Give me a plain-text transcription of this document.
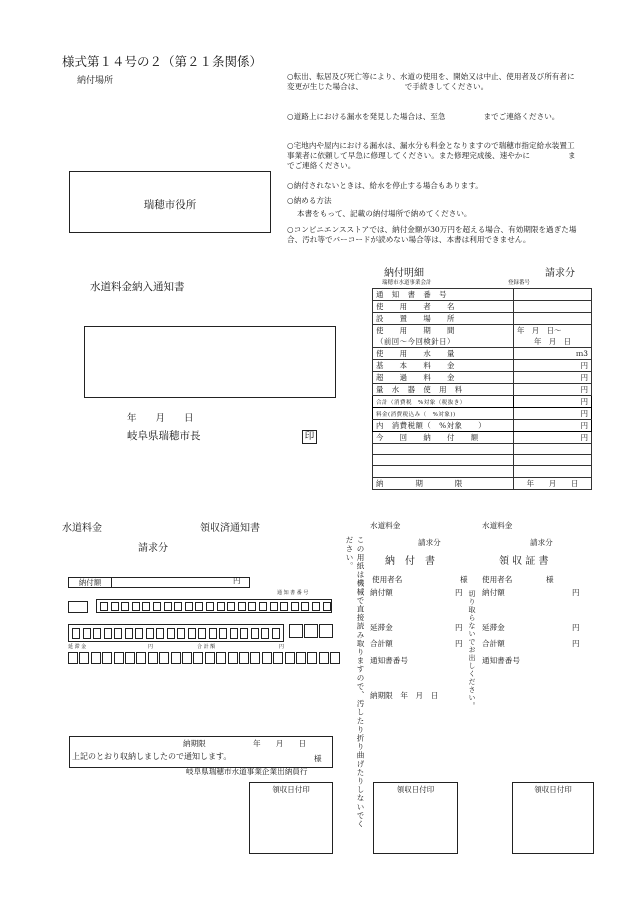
様式第１４号の２（第２１条関係）
納付場所	○転出、転居及び死亡等により、水道の使用を、開始又は中止、使用者及び所有者に変更が生じた場合は、　　　　　　で手続きしてください。
○道路上における漏水を発見した場合は、至急　　　　　までご連絡ください。
○宅地内や屋内における漏水は、漏水分も料金となりますので瑞穂市指定給水装置工事業者に依頼して早急に修理してください。また修理完成後、速やかに　　　　　までご連絡ください。
○納付されないときは、給水を停止する場合もあります。
○納める方法
本書をもって、記載の納付場所で納めてください。
○コンビニエンスストアでは、納付金額が30万円を超える場合、有効期限を過ぎた場合、汚れ等でバーコードが読めない場合等は、本書は利用できません。
瑞穂市役所
水道料金納入通知書
年　　月　　日
岐阜県瑞穂市長	印
納付明細	請求分
瑞穂市水道事業会計	登録番号
通　知　書　番　号	
使　　用　　者　　名	
設　　置　　場　　所	
使　　用　　期　　間	年　月　日～
（前回～今回検針日）	年　月　日
使　　用　　水　　量	ｍ3
基　　本　　料　　金	円
超　　過　　料　　金	円
量　水　器　使　用　料	円
合計（消費税　%対象（税抜き）	円
料金(消費税込み（　%対象))	円
内　消費税額（　%対象　　）	円
今　　回　　納　　付　　額	円

納　　　　期　　　　限	年　　月　　日
水道料金	領収済通知書
請求分
納付額	円
通 知 書 番 号
延 滞 金	円	合 計 額	円
納期限	年　　月　　日
様
上記のとおり収納しましたので通知します。
岐阜県瑞穂市水道事業企業出納員行
領収日付印	この用紙は機械で直接読み取りますので、汚したり折り曲げたりしないでください。
水道料金
請求分
納　付　書
使用者名	様
納付額	円
延滞金	円
合計額	円
通知書番号
納期限　年　月　日	切り取らないでお出しください。
領収日付印
水道料金
請求分
領 収 証 書
使用者名	様
納付額	円
延滞金	円
合計額	円
通知書番号
領収日付印
